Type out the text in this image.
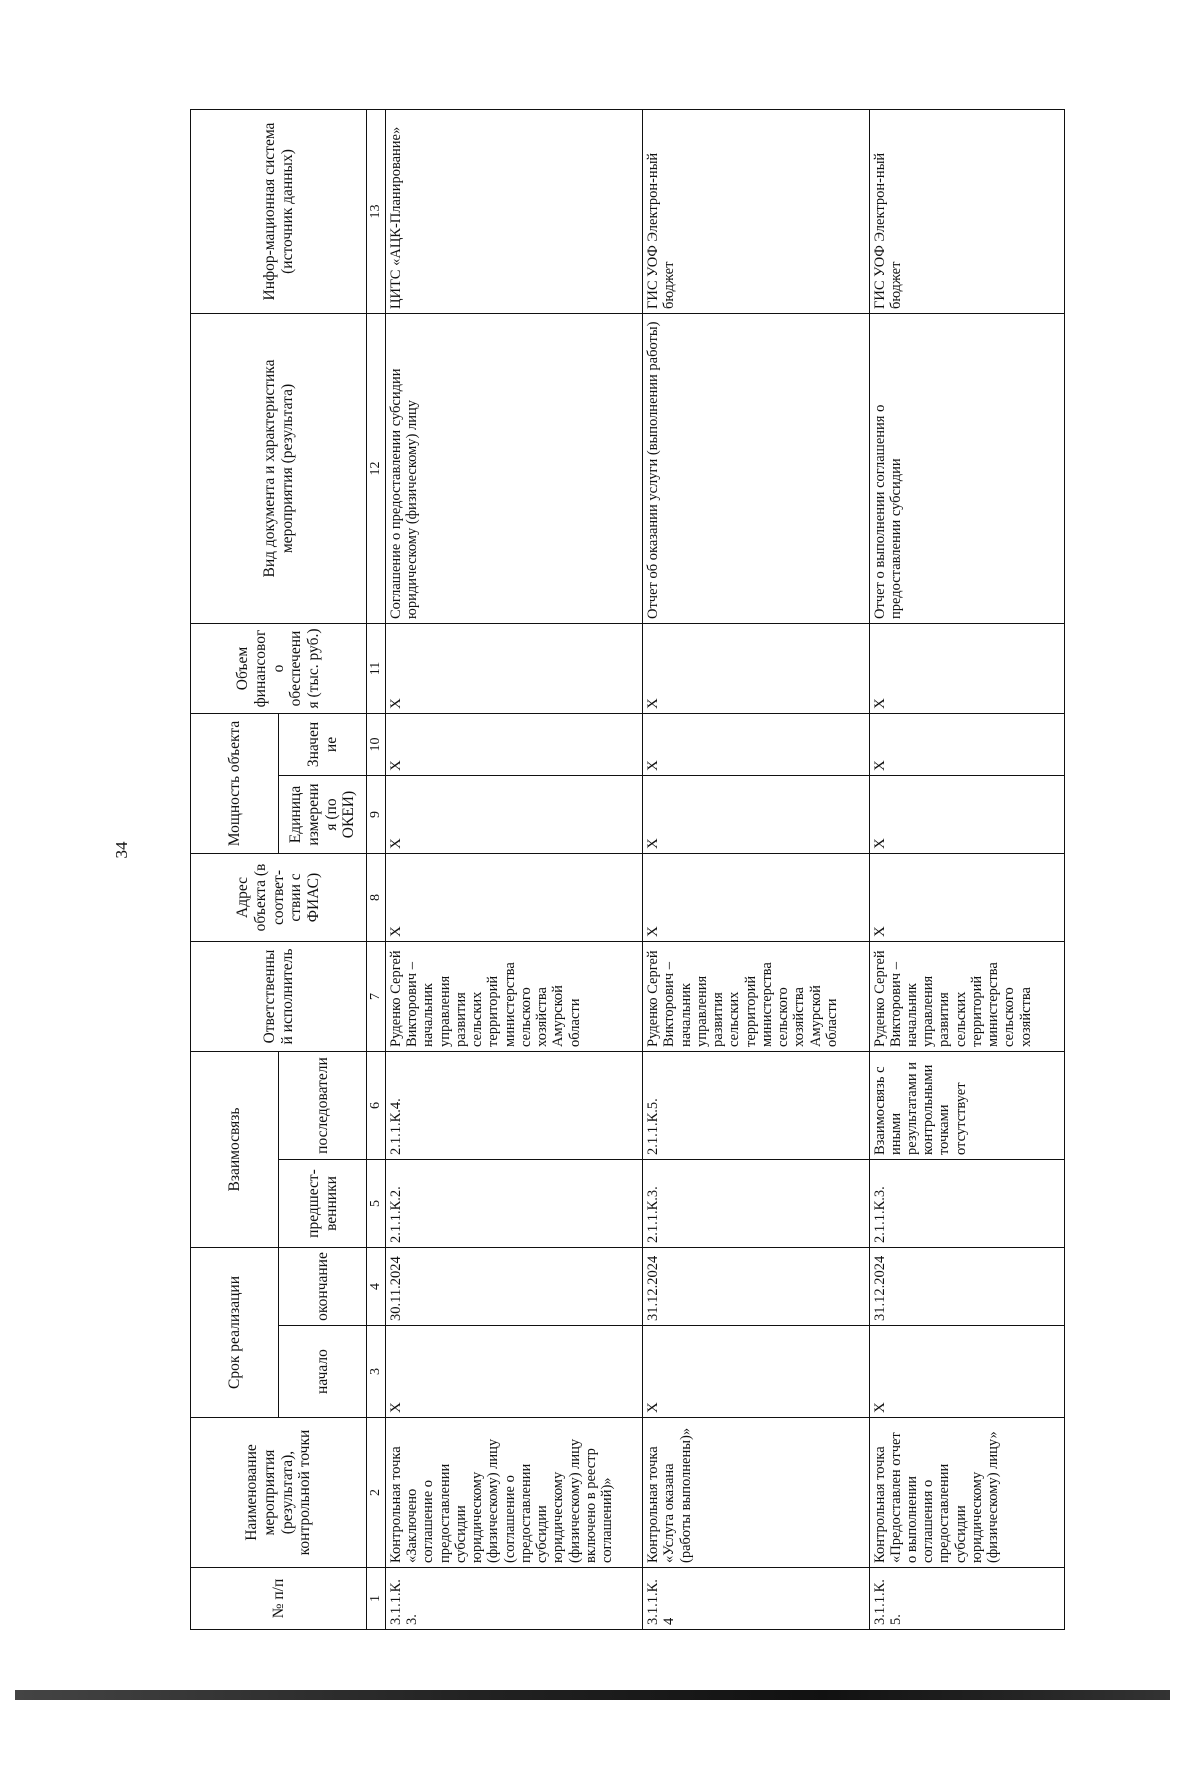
34
№ п/п	Наименование мероприятия (результата), контрольной точки	Срок реализации		Взаимосвязь		Ответственный исполнитель	Адрес объекта (в соответ-ствии с ФИАС)	Мощность объекта		Объем финансового обеспечения (тыс. руб.)	Вид документа и характеристика мероприятия (результата)	Инфор-мационная система (источник данных)
		начало	окончание	предшест-венники	последователи			Единица измерения (по ОКЕИ)	Значение			
1	2	3	4	5	6	7	8	9	10	11	12	13
3.1.1.К.3.	Контрольная точка «Заключено соглашение о предоставлении субсидии юридическому (физическому) лицу (соглашение о предоставлении субсидии юридическому (физическому) лицу включено в реестр соглашений)»	X	30.11.2024	2.1.1.К.2.	2.1.1.К.4.	Руденко Сергей Викторович – начальник управления развития сельских территорий министерства сельского хозяйства Амурской области	X	X	X	X	Соглашение о предоставлении субсидии юридическому (физическому) лицу	ЦИТС «АЦК-Планирование»
3.1.1.К.4	Контрольная точка «Услуга оказана (работы выполнены)»	X	31.12.2024	2.1.1.К.3.	2.1.1.К.5.	Руденко Сергей Викторович – начальник управления развития сельских территорий министерства сельского хозяйства Амурской области	X	X	X	X	Отчет об оказании услуги (выполнении работы)	ГИС УОФ Электрон-ный бюджет
3.1.1.К.5.	Контрольная точка «Предоставлен отчет о выполнении соглашения о предоставлении субсидии юридическому (физическому) лицу»	X	31.12.2024	2.1.1.К.3.	Взаимосвязь с иными результатами и контрольными точками отсутствует	Руденко Сергей Викторович – начальник управления развития сельских территорий министерства сельского хозяйства	X	X	X	X	Отчет о выполнении соглашения о предоставлении субсидии	ГИС УОФ Электрон-ный бюджет
